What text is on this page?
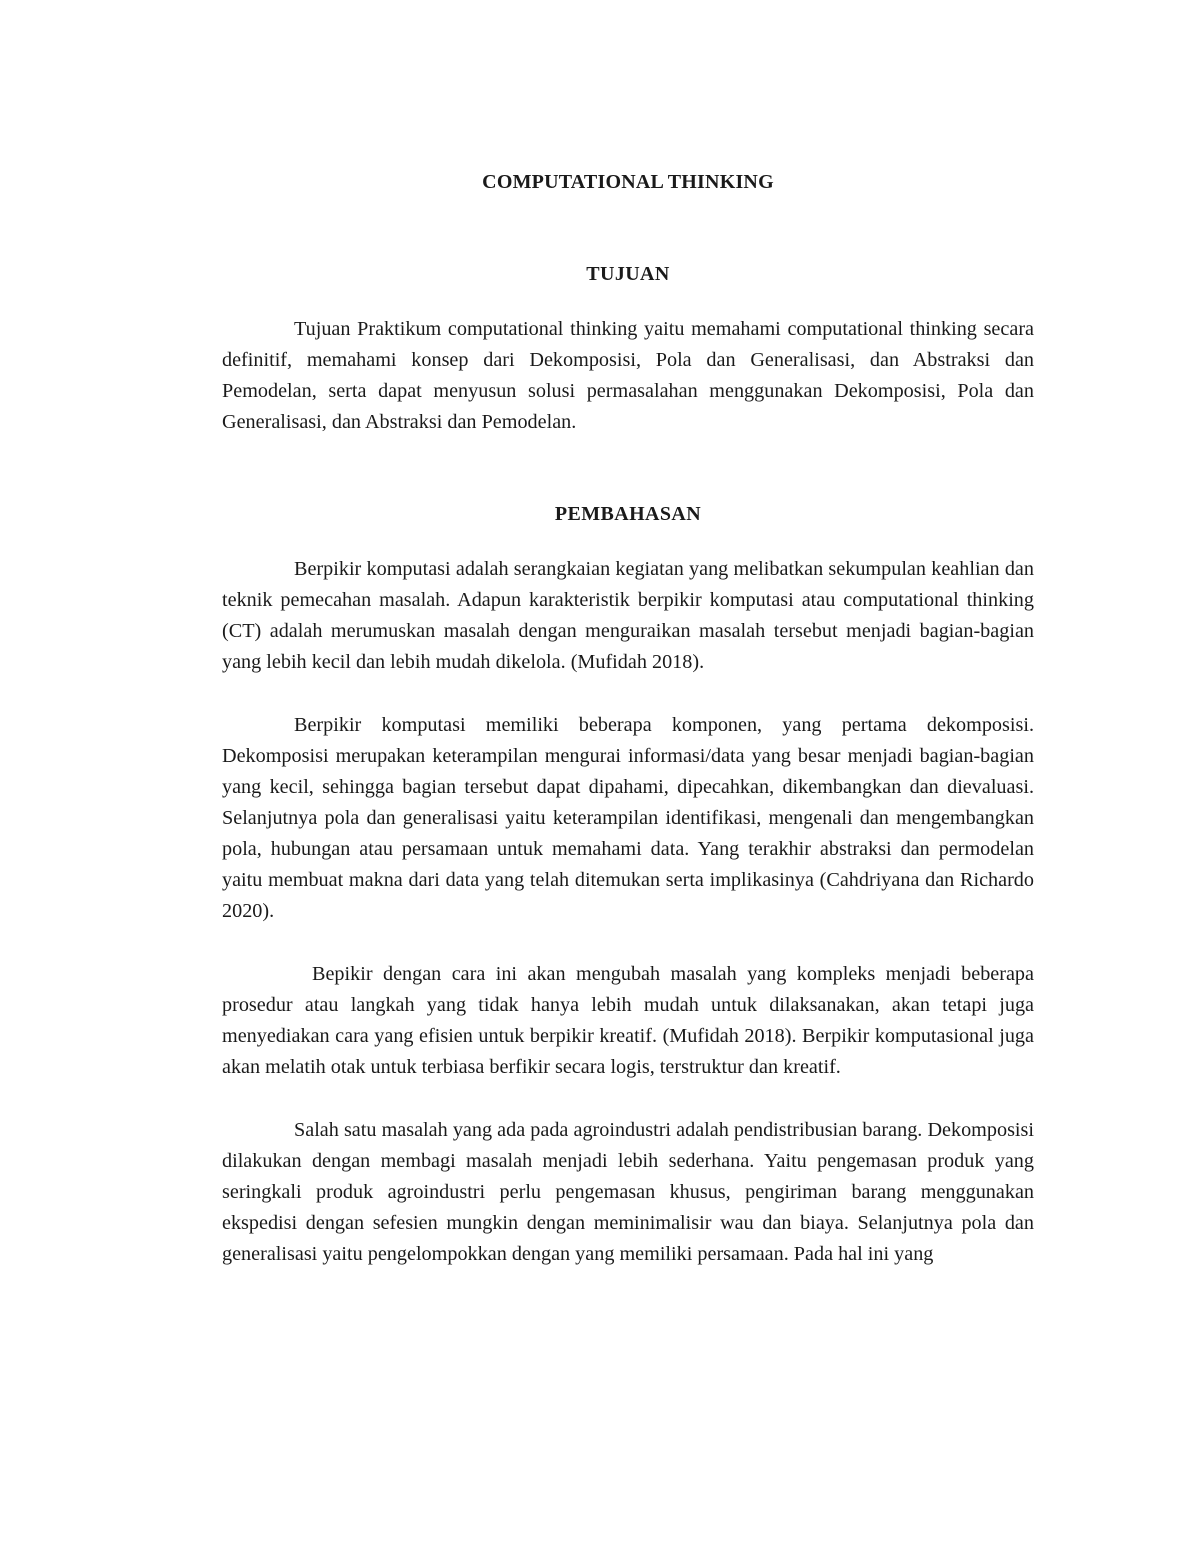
COMPUTATIONAL THINKING
TUJUAN

Tujuan Praktikum computational thinking yaitu memahami computational thinking secara definitif, memahami konsep dari Dekomposisi, Pola dan Generalisasi, dan Abstraksi dan Pemodelan, serta dapat menyusun solusi permasalahan menggunakan Dekomposisi, Pola dan Generalisasi, dan Abstraksi dan Pemodelan.

PEMBAHASAN

Berpikir komputasi adalah serangkaian kegiatan yang melibatkan sekumpulan keahlian dan teknik pemecahan masalah. Adapun karakteristik berpikir komputasi atau computational thinking (CT) adalah merumuskan masalah dengan menguraikan masalah tersebut menjadi bagian-bagian yang lebih kecil dan lebih mudah dikelola. (Mufidah 2018).

Berpikir komputasi memiliki beberapa komponen, yang pertama dekomposisi. Dekomposisi merupakan keterampilan mengurai informasi/data yang besar menjadi bagian-bagian yang kecil, sehingga bagian tersebut dapat dipahami, dipecahkan, dikembangkan dan dievaluasi. Selanjutnya pola dan generalisasi yaitu keterampilan identifikasi, mengenali dan mengembangkan pola, hubungan atau persamaan untuk memahami data. Yang terakhir abstraksi dan permodelan yaitu membuat makna dari data yang telah ditemukan serta implikasinya (Cahdriyana dan Richardo 2020).

Bepikir dengan cara ini akan mengubah masalah yang kompleks menjadi beberapa prosedur atau langkah yang tidak hanya lebih mudah untuk dilaksanakan, akan tetapi juga menyediakan cara yang efisien untuk berpikir kreatif. (Mufidah 2018). Berpikir komputasional juga akan melatih otak untuk terbiasa berfikir secara logis, terstruktur dan kreatif.

Salah satu masalah yang ada pada agroindustri adalah pendistribusian barang. Dekomposisi dilakukan dengan membagi masalah menjadi lebih sederhana. Yaitu pengemasan produk yang seringkali produk agroindustri perlu pengemasan khusus, pengiriman barang menggunakan ekspedisi dengan sefesien mungkin dengan meminimalisir wau dan biaya. Selanjutnya pola dan generalisasi yaitu pengelompokkan dengan yang memiliki persamaan. Pada hal ini yang
